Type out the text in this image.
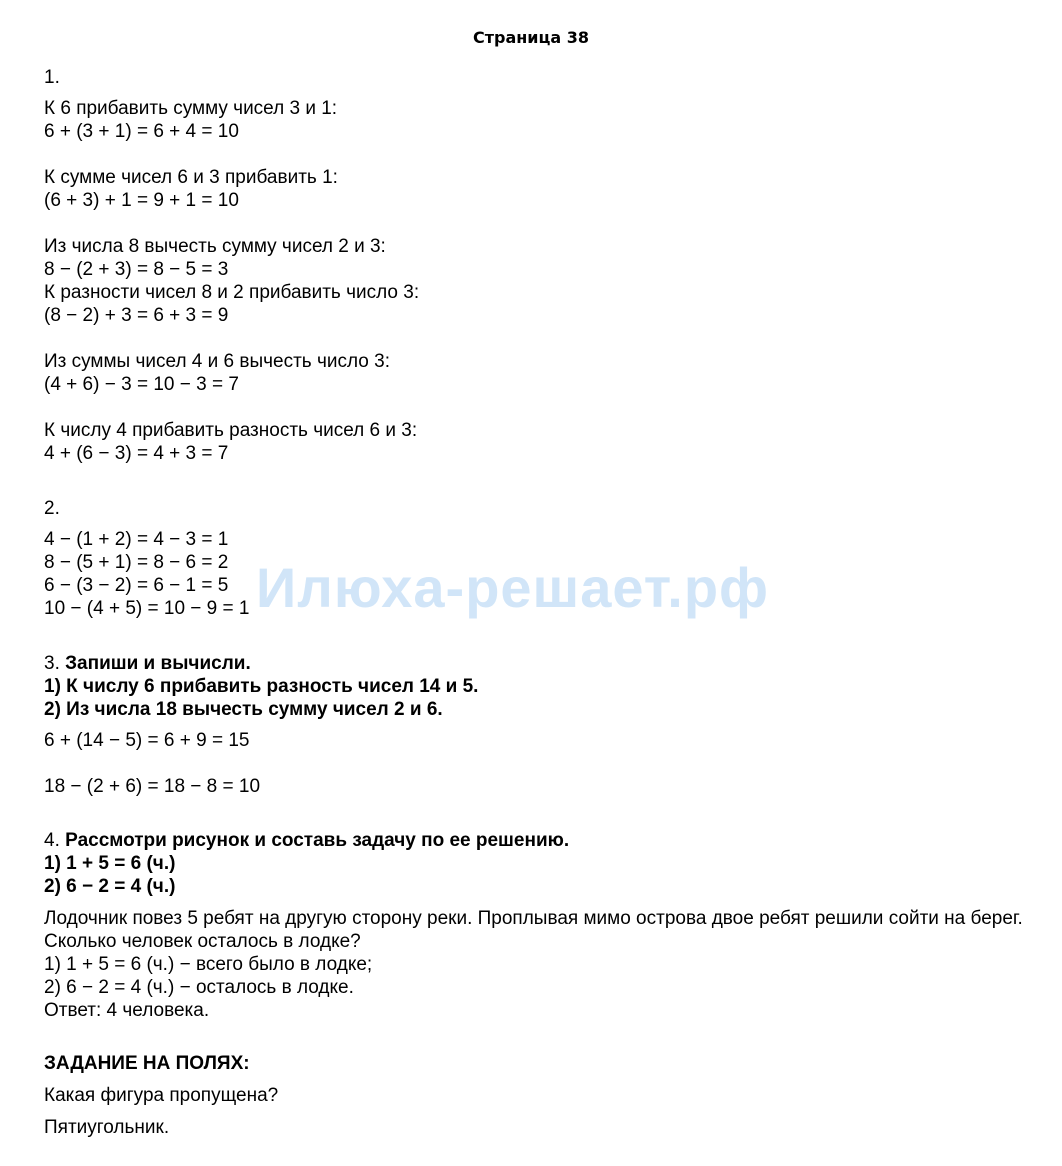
Страница 38
Илюха-решает.рф
1.
К 6 прибавить сумму чисел 3 и 1:
6 + (3 + 1) = 6 + 4 = 10
К сумме чисел 6 и 3 прибавить 1:
(6 + 3) + 1 = 9 + 1 = 10
Из числа 8 вычесть сумму чисел 2 и 3:
8 − (2 + 3) = 8 − 5 = 3
К разности чисел 8 и 2 прибавить число 3:
(8 − 2) + 3 = 6 + 3 = 9
Из суммы чисел 4 и 6 вычесть число 3:
(4 + 6) − 3 = 10 − 3 = 7
К числу 4 прибавить разность чисел 6 и 3:
4 + (6 − 3) = 4 + 3 = 7
2.
4 − (1 + 2) = 4 − 3 = 1
8 − (5 + 1) = 8 − 6 = 2
6 − (3 − 2) = 6 − 1 = 5
10 − (4 + 5) = 10 − 9 = 1
3. Запиши и вычисли.
1) К числу 6 прибавить разность чисел 14 и 5.
2) Из числа 18 вычесть сумму чисел 2 и 6.
6 + (14 − 5) = 6 + 9 = 15
18 − (2 + 6) = 18 − 8 = 10
4. Рассмотри рисунок и составь задачу по ее решению.
1) 1 + 5 = 6 (ч.)
2) 6 − 2 = 4 (ч.)
Лодочник повез 5 ребят на другую сторону реки. Проплывая мимо острова двое ребят решили сойти на берег. Сколько человек осталось в лодке?
1) 1 + 5 = 6 (ч.) − всего было в лодке;
2) 6 − 2 = 4 (ч.) − осталось в лодке.
Ответ: 4 человека.
ЗАДАНИЕ НА ПОЛЯХ:
Какая фигура пропущена?
Пятиугольник.
